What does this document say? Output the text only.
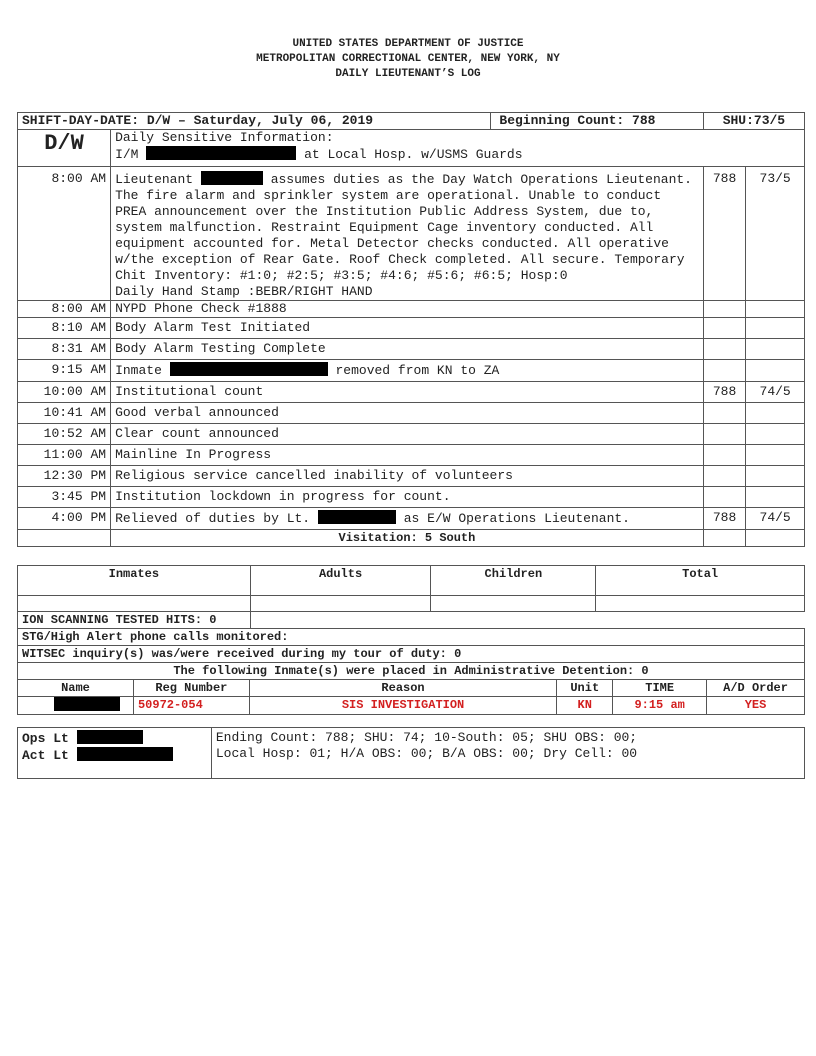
UNITED STATES DEPARTMENT OF JUSTICE
METROPOLITAN CORRECTIONAL CENTER, NEW YORK, NY
DAILY LIEUTENANT’S LOG
SHIFT-DAY-DATE: D/W – Saturday, July 06, 2019		Beginning Count: 788	SHU:73/5	
D/W	Daily Sensitive Information:
I/M at Local Hosp. w/USMS Guards			

8:00 AM	Lieutenant assumes duties as the Day Watch Operations Lieutenant. The fire alarm and sprinkler system are operational. Unable to conduct PREA announcement over the Institution Public Address System, due to, system malfunction. Restraint Equipment Cage inventory conducted. All equipment accounted for. Metal Detector checks conducted. All operative w/the exception of Rear Gate. Roof Check completed. All secure. Temporary Chit Inventory: #1:0; #2:5; #3:5; #4:6; #5:6; #6:5; Hosp:0
Daily Hand Stamp :BEBR/RIGHT HAND		788	73/5
8:00 AM	NYPD Phone Check #1888			
8:10 AM	Body Alarm Test Initiated			
8:31 AM	Body Alarm Testing Complete			
9:15 AM	Inmate removed from KN to ZA			
10:00 AM	Institutional count		788	74/5
10:41 AM	Good verbal announced			
10:52 AM	Clear count announced			
11:00 AM	Mainline In Progress			
12:30 PM	Religious service cancelled inability of volunteers			
3:45 PM	Institution lockdown in progress for count.			
4:00 PM	Relieved of duties by Lt. as E/W Operations Lieutenant.		788	74/5
	Visitation: 5 South			
Inmates	Adults	Children	Total

ION SCANNING TESTED HITS: 0
STG/High Alert phone calls monitored:					
WITSEC inquiry(s) was/were received during my tour of duty: 0					
The following Inmate(s) were placed in Administrative Detention: 0					
Name	Reg Number	Reason	Unit	TIME	A/D Order
	50972-054	SIS INVESTIGATION	KN	9:15 am	YES
Ops Lt
Act Lt

Ending Count: 788; SHU: 74; 10-South: 05; SHU OBS: 00;
Local Hosp: 01; H/A OBS: 00; B/A OBS: 00; Dry Cell: 00
